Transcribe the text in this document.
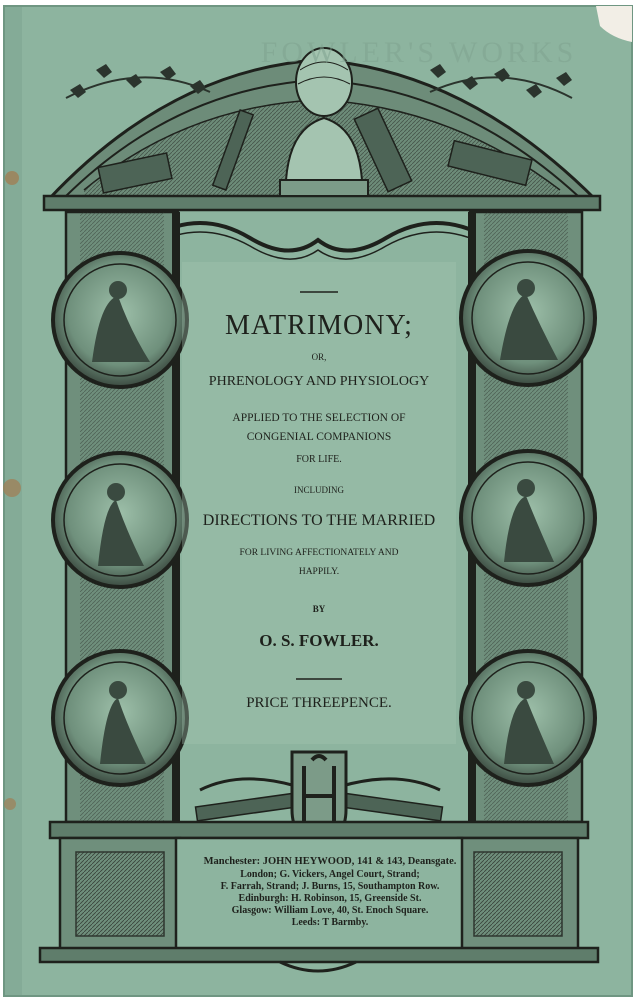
FOWLER'S WORKS
MATRIMONY;
OR,
PHRENOLOGY AND PHYSIOLOGY
APPLIED TO THE SELECTION OF
CONGENIAL COMPANIONS
FOR LIFE.
INCLUDING
DIRECTIONS TO THE MARRIED
FOR LIVING AFFECTIONATELY AND
HAPPILY.
BY
O. S. FOWLER.
PRICE THREEPENCE.
Manchester: JOHN HEYWOOD, 141 & 143, Deansgate.
London; G. Vickers, Angel Court, Strand;
F. Farrah, Strand; J. Burns, 15, Southampton Row.
Edinburgh: H. Robinson, 15, Greenside St.
Glasgow: William Love, 40, St. Enoch Square.
Leeds: T Barmby.
